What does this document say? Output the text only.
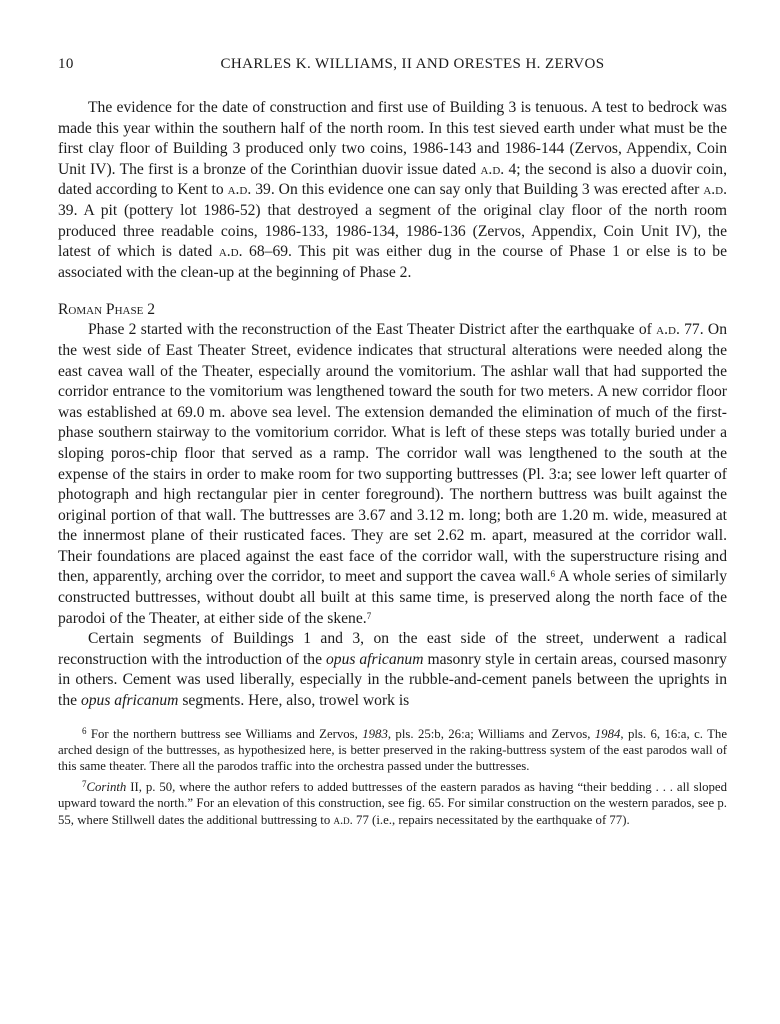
10	CHARLES K. WILLIAMS, II AND ORESTES H. ZERVOS

The evidence for the date of construction and first use of Building 3 is tenuous. A test to bedrock was made this year within the southern half of the north room. In this test sieved earth under what must be the first clay floor of Building 3 produced only two coins, 1986-143 and 1986-144 (Zervos, Appendix, Coin Unit IV). The first is a bronze of the Corinthian duovir issue dated a.d. 4; the second is also a duovir coin, dated according to Kent to a.d. 39. On this evidence one can say only that Building 3 was erected after a.d. 39. A pit (pottery lot 1986-52) that destroyed a segment of the original clay floor of the north room produced three readable coins, 1986-133, 1986-134, 1986-136 (Zervos, Appendix, Coin Unit IV), the latest of which is dated a.d. 68–69. This pit was either dug in the course of Phase 1 or else is to be associated with the clean-up at the beginning of Phase 2.

Roman Phase 2

Phase 2 started with the reconstruction of the East Theater District after the earthquake of a.d. 77. On the west side of East Theater Street, evidence indicates that structural alterations were needed along the east cavea wall of the Theater, especially around the vomitorium. The ashlar wall that had supported the corridor entrance to the vomitorium was lengthened toward the south for two meters. A new corridor floor was established at 69.0 m. above sea level. The extension demanded the elimination of much of the first-phase southern stairway to the vomitorium corridor. What is left of these steps was totally buried under a sloping poros-chip floor that served as a ramp. The corridor wall was lengthened to the south at the expense of the stairs in order to make room for two supporting buttresses (Pl. 3:a; see lower left quarter of photograph and high rectangular pier in center foreground). The northern buttress was built against the original portion of that wall. The buttresses are 3.67 and 3.12 m. long; both are 1.20 m. wide, measured at the innermost plane of their rusticated faces. They are set 2.62 m. apart, measured at the corridor wall. Their foundations are placed against the east face of the corridor wall, with the superstructure rising and then, apparently, arching over the corridor, to meet and support the cavea wall.$^6$ A whole series of similarly constructed buttresses, without doubt all built at this same time, is preserved along the north face of the parodoi of the Theater, at either side of the skene.$^7$

Certain segments of Buildings 1 and 3, on the east side of the street, underwent a radical reconstruction with the introduction of the opus africanum masonry style in certain areas, coursed masonry in others. Cement was used liberally, especially in the rubble-and-cement panels between the uprights in the opus africanum segments. Here, also, trowel work is

$^6$ For the northern buttress see Williams and Zervos, 1983, pls. 25:b, 26:a; Williams and Zervos, 1984, pls. 6, 16:a, c. The arched design of the buttresses, as hypothesized here, is better preserved in the raking-buttress system of the east parodos wall of this same theater. There all the parodos traffic into the orchestra passed under the buttresses.

$^7$Corinth II, p. 50, where the author refers to added buttresses of the eastern parados as having “their bedding . . . all sloped upward toward the north.” For an elevation of this construction, see fig. 65. For similar construction on the western parados, see p. 55, where Stillwell dates the additional buttressing to a.d. 77 (i.e., repairs necessitated by the earthquake of 77).
